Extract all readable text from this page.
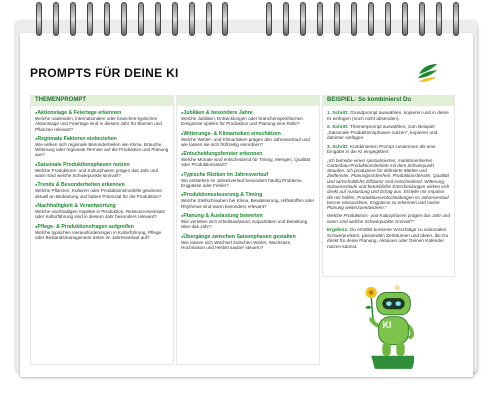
PROMPTS FÜR DEINE KI
THEMENPROMPT
● Aktionstage & Feiertage erkennen
Welche nationalen, internationalen oder branchen-typischen Aktionstage und Feiertage sind in diesem Jahr für Blumen und Pflanzen relevant?
● Regionale Faktoren einbeziehen
Wie wirken sich regionale Besonderheiten wie Klima, Bräuche, Witterung oder regionale Termine auf die Produktion und Planung aus?
● Saisonale Produktionsphasen nutzen
Welche Produktions- und Kulturphasen prägen das Jahr und wann sind welche Schwerpunkte sinnvoll?
● Trends & Besonderheiten erkennen
Welche Pflanzen, Kulturen oder Produktionsmodelle gewinnen aktuell an Bedeutung und haben Potenzial für die Produktion?
● Nachhaltigkeit & Verantwortung
Welche nachhaltigen Aspekte in Produktion, Ressourceneinsatz oder Kulturführung sind in diesem Jahr besonders relevant?
● Pflege- & Produktionsfragen aufgreifen
Welche typischen Herausforderungen in Kulturführung, Pflege oder Bestandsmanagement treten im Jahresverlauf auf?
● Jubiläen & besondere Jahre
Welche Jubiläen, Entwicklungen oder branchenspezifischen Ereignisse spielen für Produktion und Planung eine Rolle?
● Witterungs- & Klimarisiken einschätzen
Welche Wetter- und Klimarisiken prägen den Jahresverlauf und wie lassen sie sich frühzeitig einordnen?
● Entscheidungsfenster erkennen
Welche Monate sind entscheidend für Timing, Mengen, Qualität oder Produktionsstart?
● Typische Risiken im Jahresverlauf
Wo entstehen im Jahresverlauf besonders häufig Probleme, Engpässe oder Fehler?
● Produktionssteuerung & Timing
Welche Stellschrauben bei Klima, Bewässerung, Hilfsstoffen oder Rhythmus sind wann besonders relevant?
● Planung & Auslastung bewerten
Wie verteilen sich Arbeitsaufwand, Kapazitäten und Belastung über das Jahr?
● Übergänge zwischen Saisonphasen gestalten
Wie lassen sich Wechsel zwischen Winter, Wachstum, Hochsaison und Herbst sauber steuern?
BEISPIEL: So kombinierst Du
1. Schritt: Grundprompt auswählen, kopieren und in deine KI einfügen (noch nicht absenden).
2. Schritt: Themenprompt auswählen, zum Beispiel „Saisonale Produktionsphasen nutzen“, kopieren und dahinter einfügen.
3. Schritt: Kombinierten Prompt zusammen als eine Eingabe in die KI eingegeben:
„Ich betreibe einen spezialisierten, marktorientierten Gartenbau-Produktionsbetrieb mit dem Schwerpunkt Stauden. Ich produziere für definierte Märkte und Zeitfenster. Planungssicherheit, Produktionsfenster, Qualität und wirtschaftliche Effizienz sind entscheidend. Witterung, Saisonverläufe und betriebliche Entscheidungen wirken sich direkt auf Auslastung und Ertrag aus. Erstelle mir Impulse, die mir helfen, Produktionsentscheidungen im Jahresverlauf besser einzuordnen, Engpässe zu erkennen und meine Planung weiterzuentwickeln.“
Welche Produktions- und Kulturphasen prägen das Jahr und wann sind welche Schwerpunkte sinnvoll?“
Ergebnis: Du erhältst konkrete Vorschläge zu saisonalen Schwerpunkten, passenden Zeiträumen und Ideen, die Du direkt für deine Planung, Aktionen oder Deinen Kalender nutzen kannst.
KI
